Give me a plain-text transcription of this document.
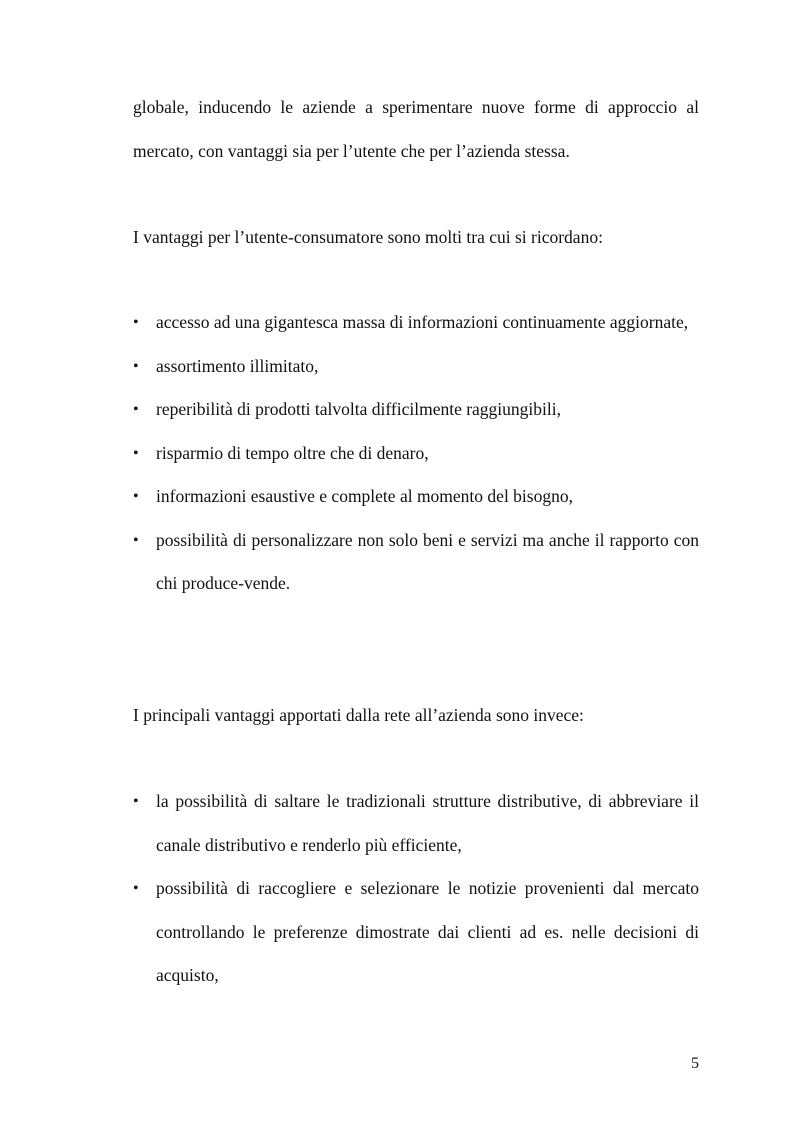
globale, inducendo le aziende a sperimentare nuove forme di approccio al mercato, con vantaggi sia per l’utente che per l’azienda stessa.

I vantaggi per l’utente-consumatore sono molti tra cui si ricordano:

• accesso ad una gigantesca massa di informazioni continuamente aggiornate,
• assortimento illimitato,
• reperibilità di prodotti talvolta difficilmente raggiungibili,
• risparmio di tempo oltre che di denaro,
• informazioni esaustive e complete al momento del bisogno,
• possibilità di personalizzare non solo beni e servizi ma anche il rapporto con chi produce-vende.

I principali vantaggi apportati dalla rete all’azienda sono invece:

• la possibilità di saltare le tradizionali strutture distributive, di abbreviare il canale distributivo e renderlo più efficiente,
• possibilità di raccogliere e selezionare le notizie provenienti dal mercato controllando le preferenze dimostrate dai clienti ad es. nelle decisioni di acquisto,
5
